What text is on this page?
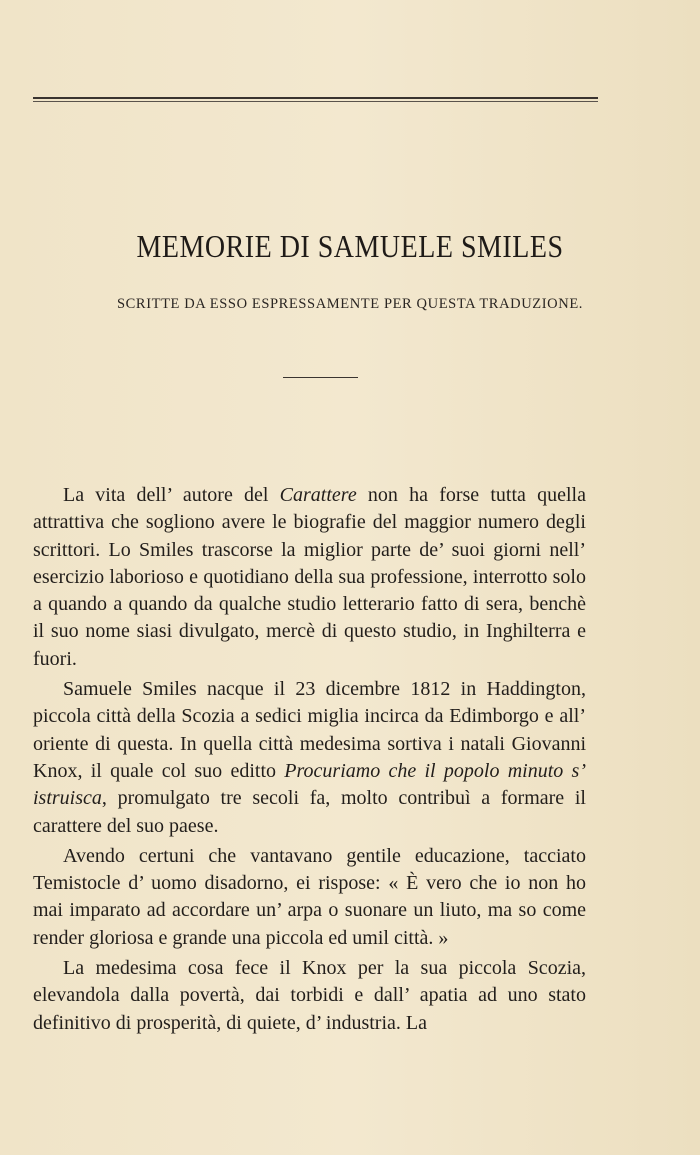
MEMORIE DI SAMUELE SMILES
SCRITTE DA ESSO ESPRESSAMENTE PER QUESTA TRADUZIONE.

La vita dell’ autore del Carattere non ha forse tutta quella attrattiva che sogliono avere le biografie del maggior numero degli scrittori. Lo Smiles trascorse la miglior parte de’ suoi giorni nell’ esercizio laborioso e quotidiano della sua professione, interrotto solo a quando a quando da qualche studio letterario fatto di sera, benchè il suo nome siasi divulgato, mercè di questo studio, in Inghilterra e fuori.

Samuele Smiles nacque il 23 dicembre 1812 in Haddington, piccola città della Scozia a sedici miglia incirca da Edimborgo e all’ oriente di questa. In quella città medesima sortiva i natali Giovanni Knox, il quale col suo editto Procuriamo che il popolo minuto s’ istruisca, promulgato tre secoli fa, molto contribuì a formare il carattere del suo paese.

Avendo certuni che vantavano gentile educazione, tacciato Temistocle d’ uomo disadorno, ei rispose: « È vero che io non ho mai imparato ad accordare un’ arpa o suonare un liuto, ma so come render gloriosa e grande una piccola ed umil città. »

La medesima cosa fece il Knox per la sua piccola Scozia, elevandola dalla povertà, dai torbidi e dall’ apatia ad uno stato definitivo di prosperità, di quiete, d’ industria. La
